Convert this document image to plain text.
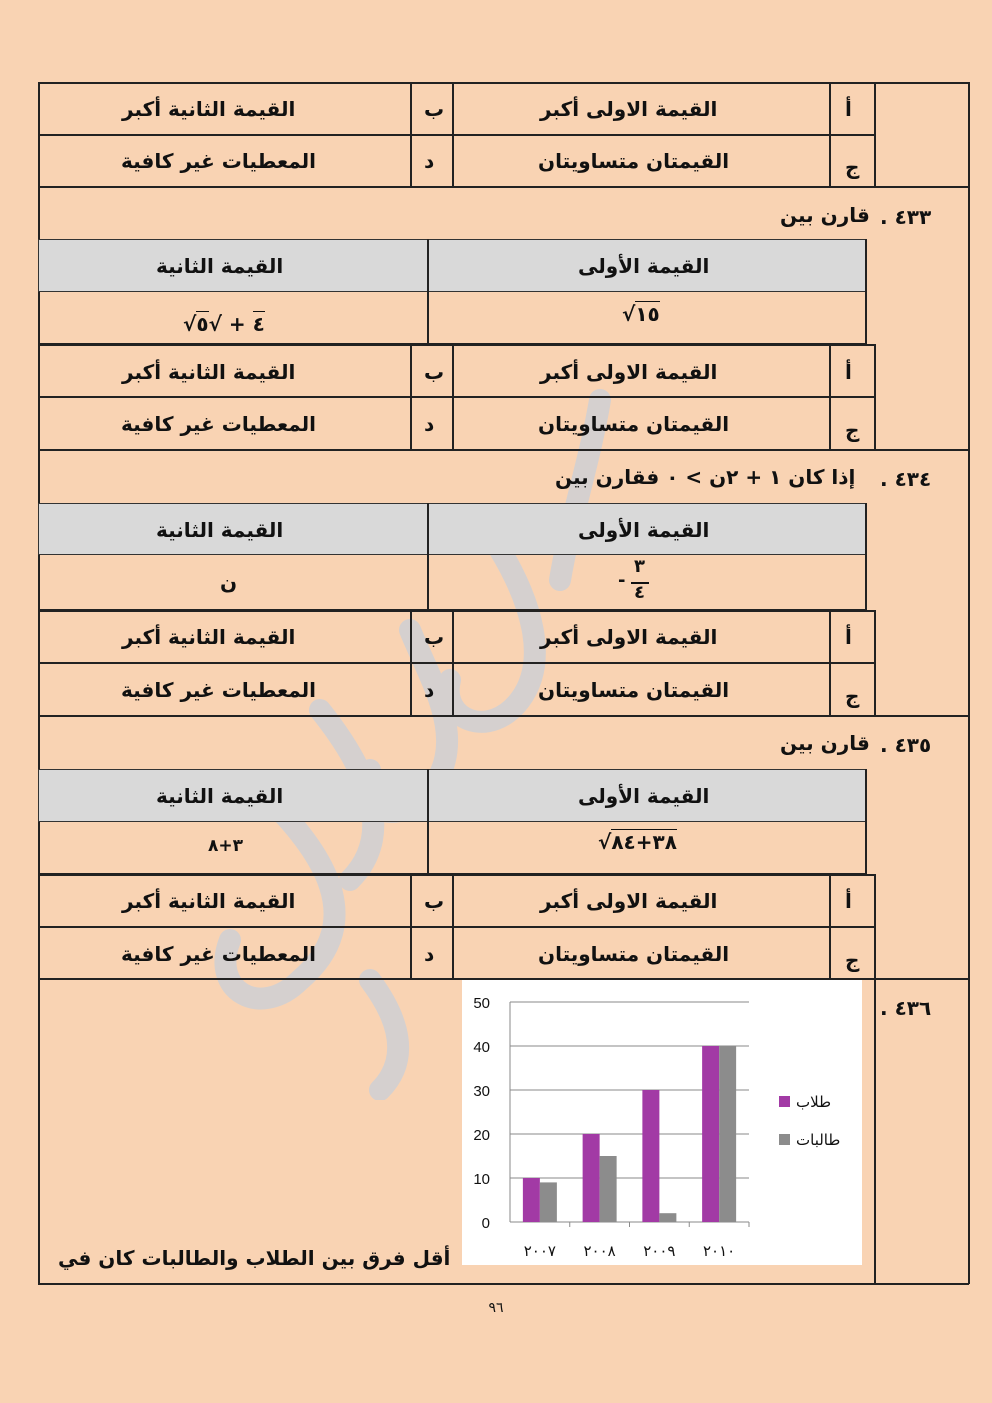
أ
القيمة الاولى أكبر
ب
القيمة الثانية أكبر
ج
القيمتان متساويتان
د
المعطيات غير كافية
٤٣٣ .
قارن بين
القيمة الأولى
القيمة الثانية
√١٥
√	٤ + √٥
أ
القيمة الاولى أكبر
ب
القيمة الثانية أكبر
ج
القيمتان متساويتان
د
المعطيات غير كافية
٤٣٤ .
إذا كان ١ + ٢ن > ٠ فقارن بين
القيمة الأولى
القيمة الثانية
-
٣
٤
ن
أ
القيمة الاولى أكبر
ب
القيمة الثانية أكبر
ج
القيمتان متساويتان
د
المعطيات غير كافية
٤٣٥ .
قارن بين
القيمة الأولى
القيمة الثانية
√٣٨+٨٤
٣+٨
أ
القيمة الاولى أكبر
ب
القيمة الثانية أكبر
ج
القيمتان متساويتان
د
المعطيات غير كافية
٤٣٦ .
أقل فرق بين الطلاب والطالبات كان في
0
10
20
30
40
50
٢٠٠٧ ٢٠٠٨ ٢٠٠٩ ٢٠١٠
طلاب
طالبات
٩٦
